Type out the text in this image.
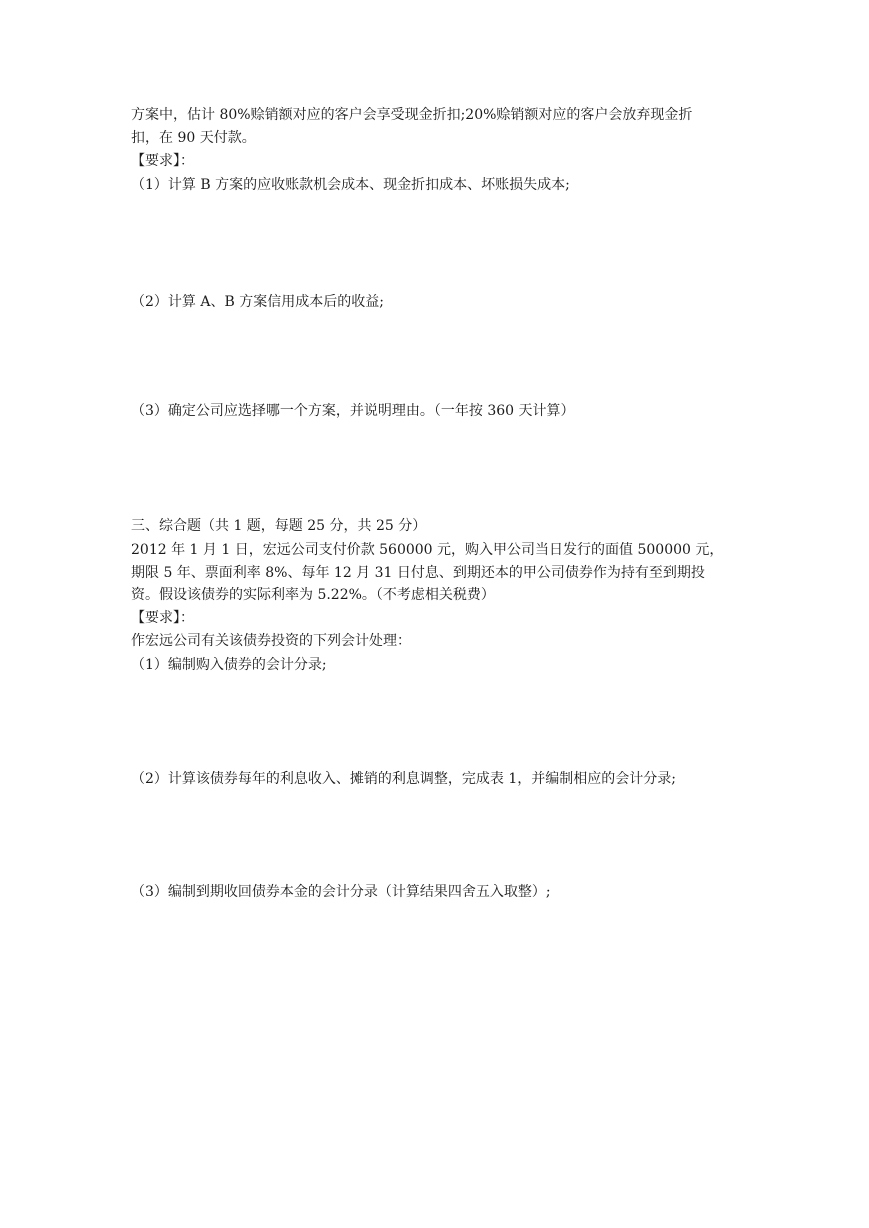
方案中，估计 80%赊销额对应的客户会享受现金折扣;20%赊销额对应的客户会放弃现金折

扣，在 90 天付款。

【要求】：

（1）计算 B 方案的应收账款机会成本、现金折扣成本、坏账损失成本;

（2）计算 A、B 方案信用成本后的收益;

（3）确定公司应选择哪一个方案，并说明理由。（一年按 360 天计算）

三、综合题（共 1 题，每题 25 分，共 25 分）

2012 年 1 月 1 日，宏远公司支付价款 560000 元，购入甲公司当日发行的面值 500000 元，

期限 5 年、票面利率 8%、每年 12 月 31 日付息、到期还本的甲公司债券作为持有至到期投

资。假设该债券的实际利率为 5.22%。（不考虑相关税费）

【要求】：

作宏远公司有关该债券投资的下列会计处理：

（1）编制购入债券的会计分录;

（2）计算该债券每年的利息收入、摊销的利息调整，完成表 1，并编制相应的会计分录;

（3）编制到期收回债券本金的会计分录（计算结果四舍五入取整）;
